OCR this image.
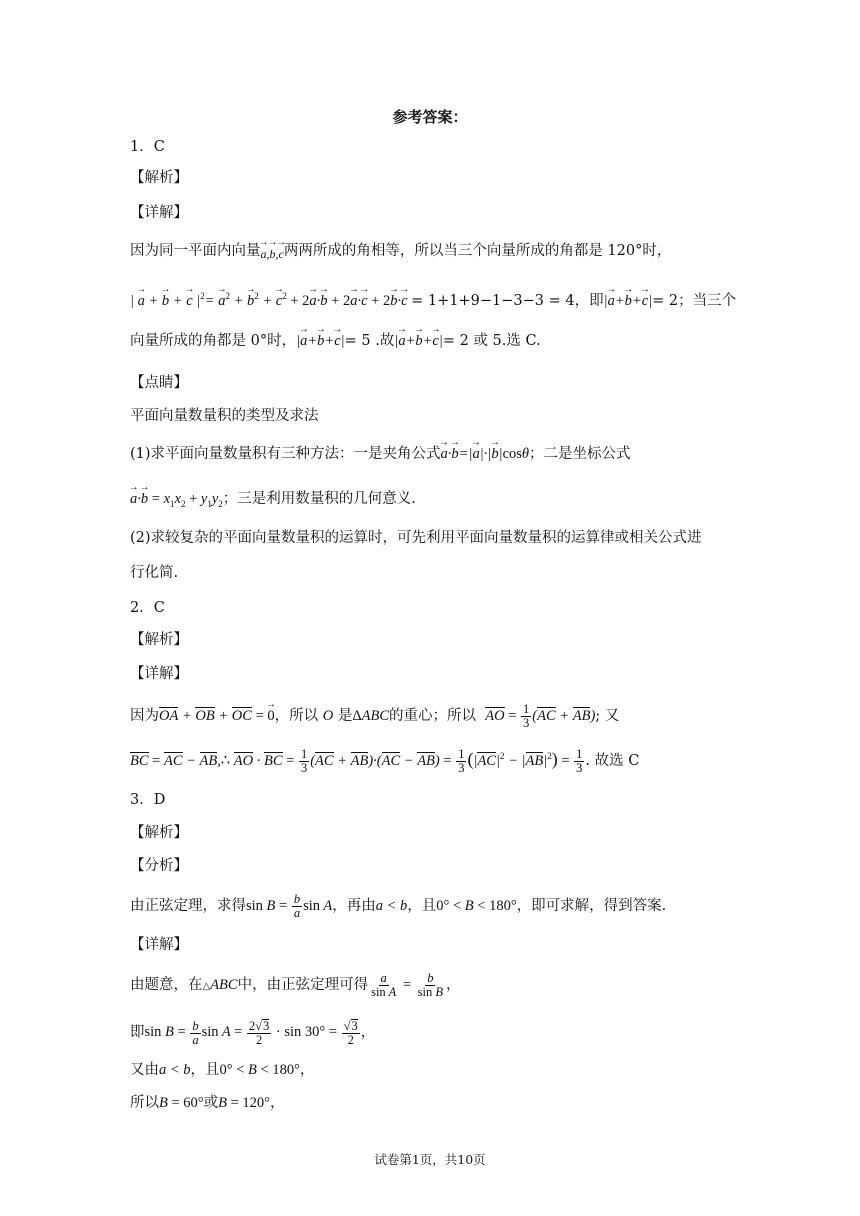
参考答案：
1．C
【解析】
【详解】
因为同一平面内向量→ $_{a,\to b,\to c}$两两所成的角相等，所以当三个向量所成的角都是 120°时，
| → a + → b + → c $|^2= \to a^2$ + → $b^2$ + → $c^2 + 2\to a\cdot\to b + 2\to a\cdot\to c + 2\to b\cdot\to c = 1+1+9-1-3-3 = 4$，即|→ a+→ b+→ c|= 2；当三个
向量所成的角都是 0°时，|→ a+→ b+→ c|= 5 .故|→ a+→ b+→ c|= 2 或 5.选 C.
【点睛】
平面向量数量积的类型及求法
(1)求平面向量数量积有三种方法：一是夹角公式→ a·→ b=|→ a|·|→ b|cosθ；二是坐标公式
→ $a\cdot\to b = x_1x_2 + y_1y_2$；三是利用数量积的几何意义.
(2)求较复杂的平面向量数量积的运算时，可先利用平面向量数量积的运算律或相关公式进
行化简.
2．C
【解析】
【详解】
因为OA + OB + OC = → 0，所以 O 是ΔABC的重心；所以 AO = $\frac{1}{3} (AC + AB)$; 又
BC = AC − AB,∴ AO · BC = $\frac{1}{3} (AC + AB)\cdot(AC - AB) = \frac{1}{3} (|AC|^2 - |AB|^2) = \frac{1}{3}$ . 故选 C
3．D
【解析】
【分析】
由正弦定理，求得$\sin B = \frac{b}{a}$ sin A，再由a < b，且0° < B < 180°，即可求解，得到答案.
【详解】
由题意，在△ABC中，由正弦定理可得 $\frac{a}{\text{sin A}} = \frac{b}{\text{sin B}}$ ，
即$\sin B = \frac{b}{a}$ $\sin A = \frac{2√3}{2} \cdot \sin 30^\circ = \frac{√3}{2}$ ，
又由a < b，且0° < B < 180°，
所以B = 60°或B = 120°，
试卷第1页，共10页
